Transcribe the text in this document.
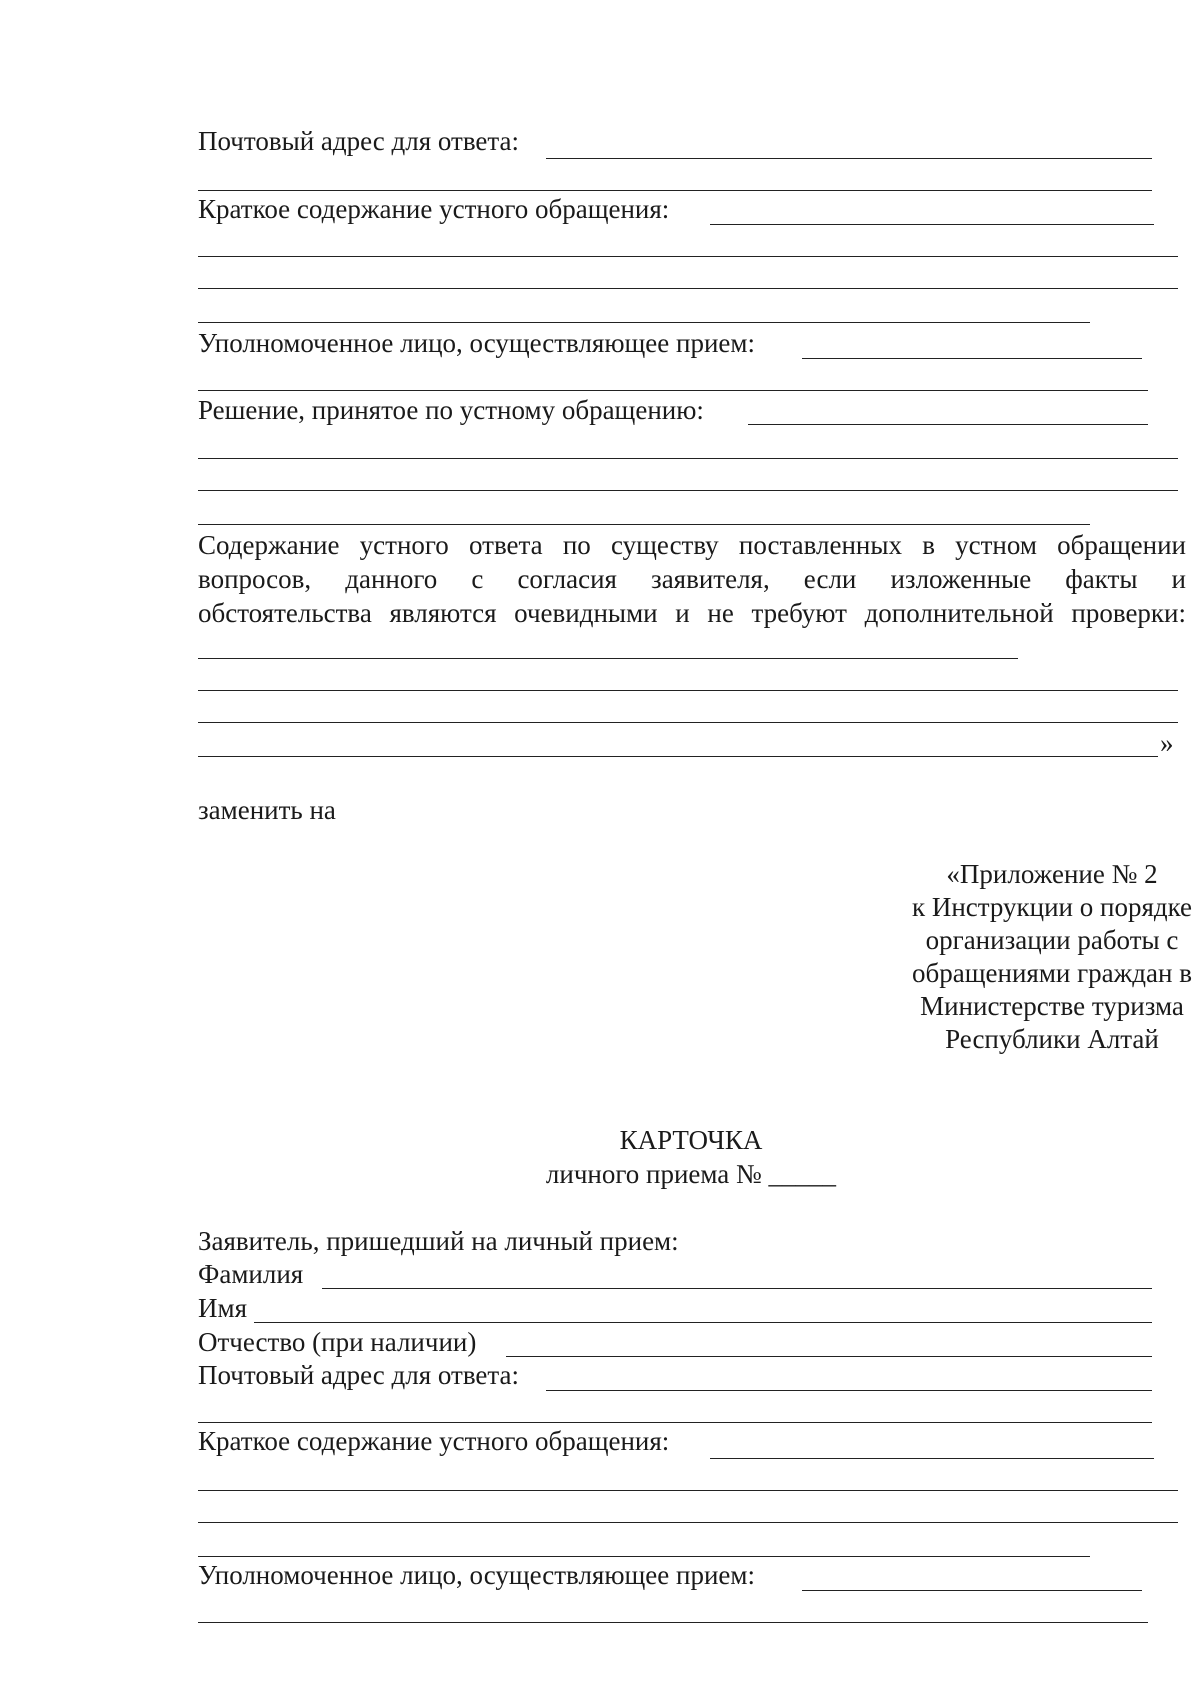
Почтовый адрес для ответа:
Краткое содержание устного обращения:
Уполномоченное лицо, осуществляющее прием:
Решение, принятое по устному обращению:
Содержание устного ответа по существу поставленных в устном обращении
вопросов, данного с согласия заявителя, если изложенные факты и
обстоятельства являются очевидными и не требуют дополнительной проверки:
»
заменить на
«Приложение № 2
к Инструкции о порядке
организации работы с
обращениями граждан в
Министерстве туризма
Республики Алтай
КАРТОЧКА
личного приема № _____
Заявитель, пришедший на личный прием:
Фамилия
Имя
Отчество (при наличии)
Почтовый адрес для ответа:
Краткое содержание устного обращения:
Уполномоченное лицо, осуществляющее прием:
